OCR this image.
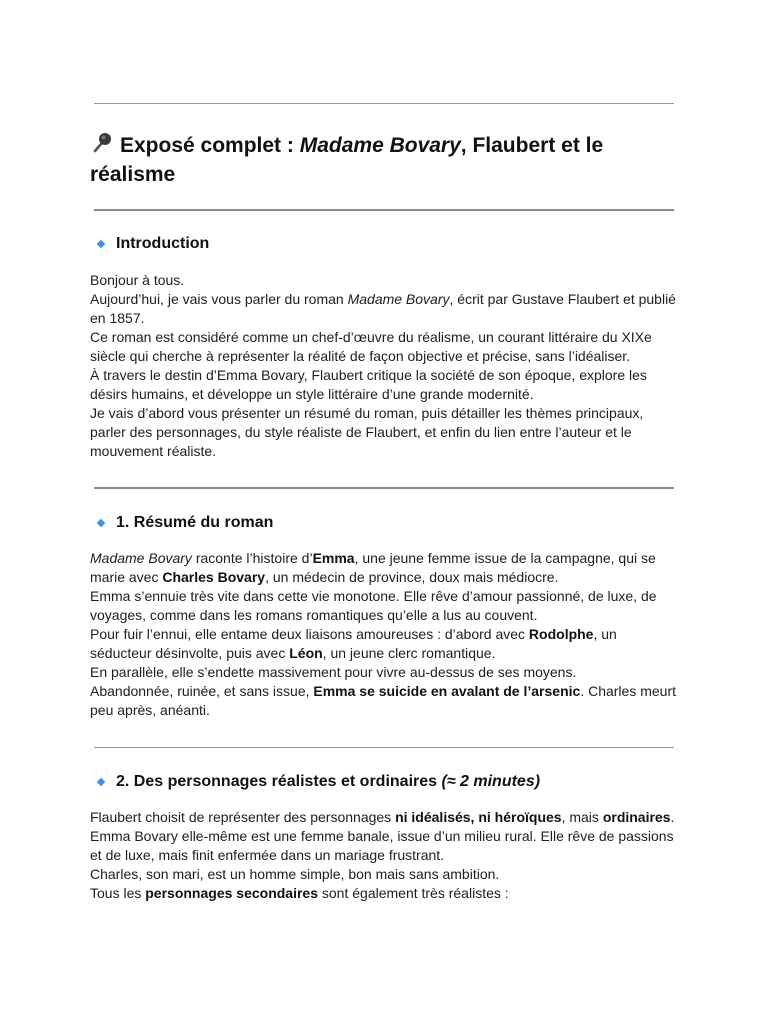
Exposé complet : Madame Bovary, Flaubert et le
réalisme
Introduction
Bonjour à tous.
Aujourd’hui, je vais vous parler du roman Madame Bovary, écrit par Gustave Flaubert et publié
en 1857.
Ce roman est considéré comme un chef-d’œuvre du réalisme, un courant littéraire du XIXe
siècle qui cherche à représenter la réalité de façon objective et précise, sans l’idéaliser.
À travers le destin d’Emma Bovary, Flaubert critique la société de son époque, explore les
désirs humains, et développe un style littéraire d’une grande modernité.
Je vais d’abord vous présenter un résumé du roman, puis détailler les thèmes principaux,
parler des personnages, du style réaliste de Flaubert, et enfin du lien entre l’auteur et le
mouvement réaliste.
1. Résumé du roman
Madame Bovary raconte l’histoire d’Emma, une jeune femme issue de la campagne, qui se
marie avec Charles Bovary, un médecin de province, doux mais médiocre.
Emma s’ennuie très vite dans cette vie monotone. Elle rêve d’amour passionné, de luxe, de
voyages, comme dans les romans romantiques qu’elle a lus au couvent.
Pour fuir l’ennui, elle entame deux liaisons amoureuses : d’abord avec Rodolphe, un
séducteur désinvolte, puis avec Léon, un jeune clerc romantique.
En parallèle, elle s’endette massivement pour vivre au-dessus de ses moyens.
Abandonnée, ruinée, et sans issue, Emma se suicide en avalant de l’arsenic. Charles meurt
peu après, anéanti.
2. Des personnages réalistes et ordinaires (≈ 2 minutes)
Flaubert choisit de représenter des personnages ni idéalisés, ni héroïques, mais ordinaires.
Emma Bovary elle-même est une femme banale, issue d’un milieu rural. Elle rêve de passions
et de luxe, mais finit enfermée dans un mariage frustrant.
Charles, son mari, est un homme simple, bon mais sans ambition.
Tous les personnages secondaires sont également très réalistes :
